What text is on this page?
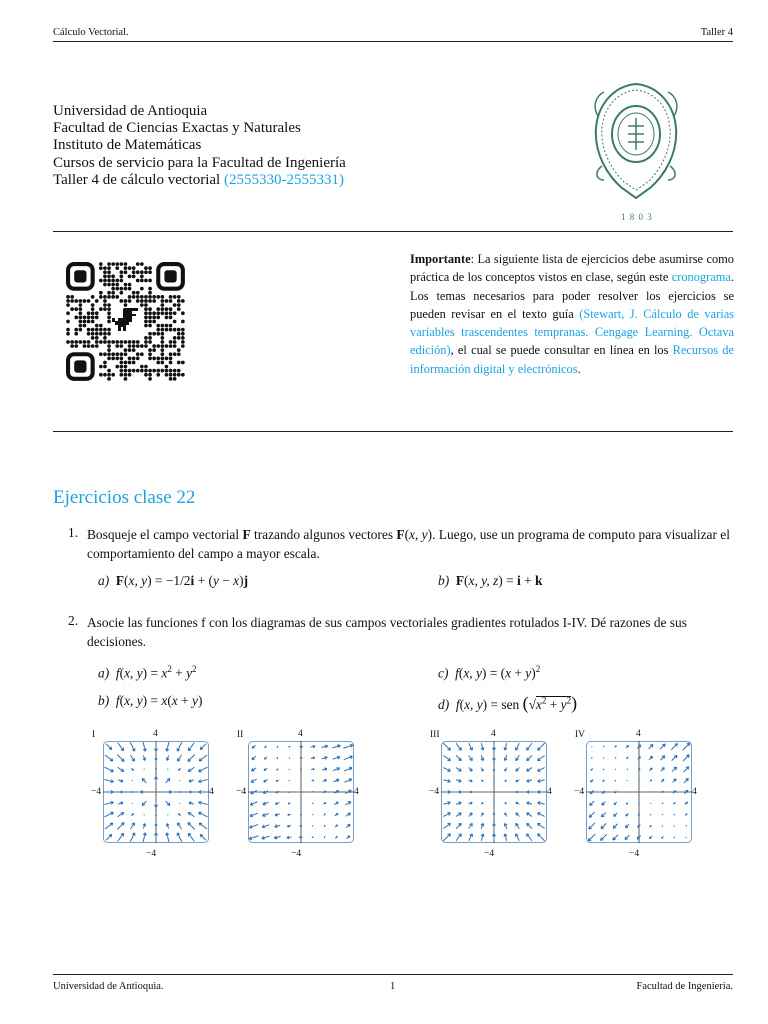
Cálculo Vectorial.	Taller 4
Universidad de Antioquia
Facultad de Ciencias Exactas y Naturales
Instituto de Matemáticas
Cursos de servicio para la Facultad de Ingeniería
Taller 4 de cálculo vectorial (2555330-2555331)
1 8 0 3
Importante: La siguiente lista de ejercicios debe asumirse como práctica de los conceptos vistos en clase, según este cronograma. Los temas necesarios para poder resolver los ejercicios se pueden revisar en el texto guía (Stewart, J. Cálculo de varias variables trascendentes tempranas. Cengage Learning. Octava edición), el cual se puede consultar en línea en los Recursos de información digital y electrónicos.
Ejercicios clase 22
1. Bosqueje el campo vectorial F trazando algunos vectores F(x, y). Luego, use un programa de computo para visualizar el comportamiento del campo a mayor escala.
a) F(x, y) = −1/2i + (y − x)j	b) F(x, y, z) = i + k
2. Asocie las funciones f con los diagramas de sus campos vectoriales gradientes rotulados I-IV. Dé razones de sus decisiones.
a) f(x, $y) = x^2 + y^2$
b) f(x, y) = x(x + y)
c) f(x, $y) = (x + y)^2$
d) f(x, y) = sen $(√x^2 + y^2)$
I	4
−4
−4	4
II	4
−4
−4	4
III	4
−4
−4	4
IV	4
−4
−4	4
Universidad de Antioquia.	1	Facultad de Ingeniería.
